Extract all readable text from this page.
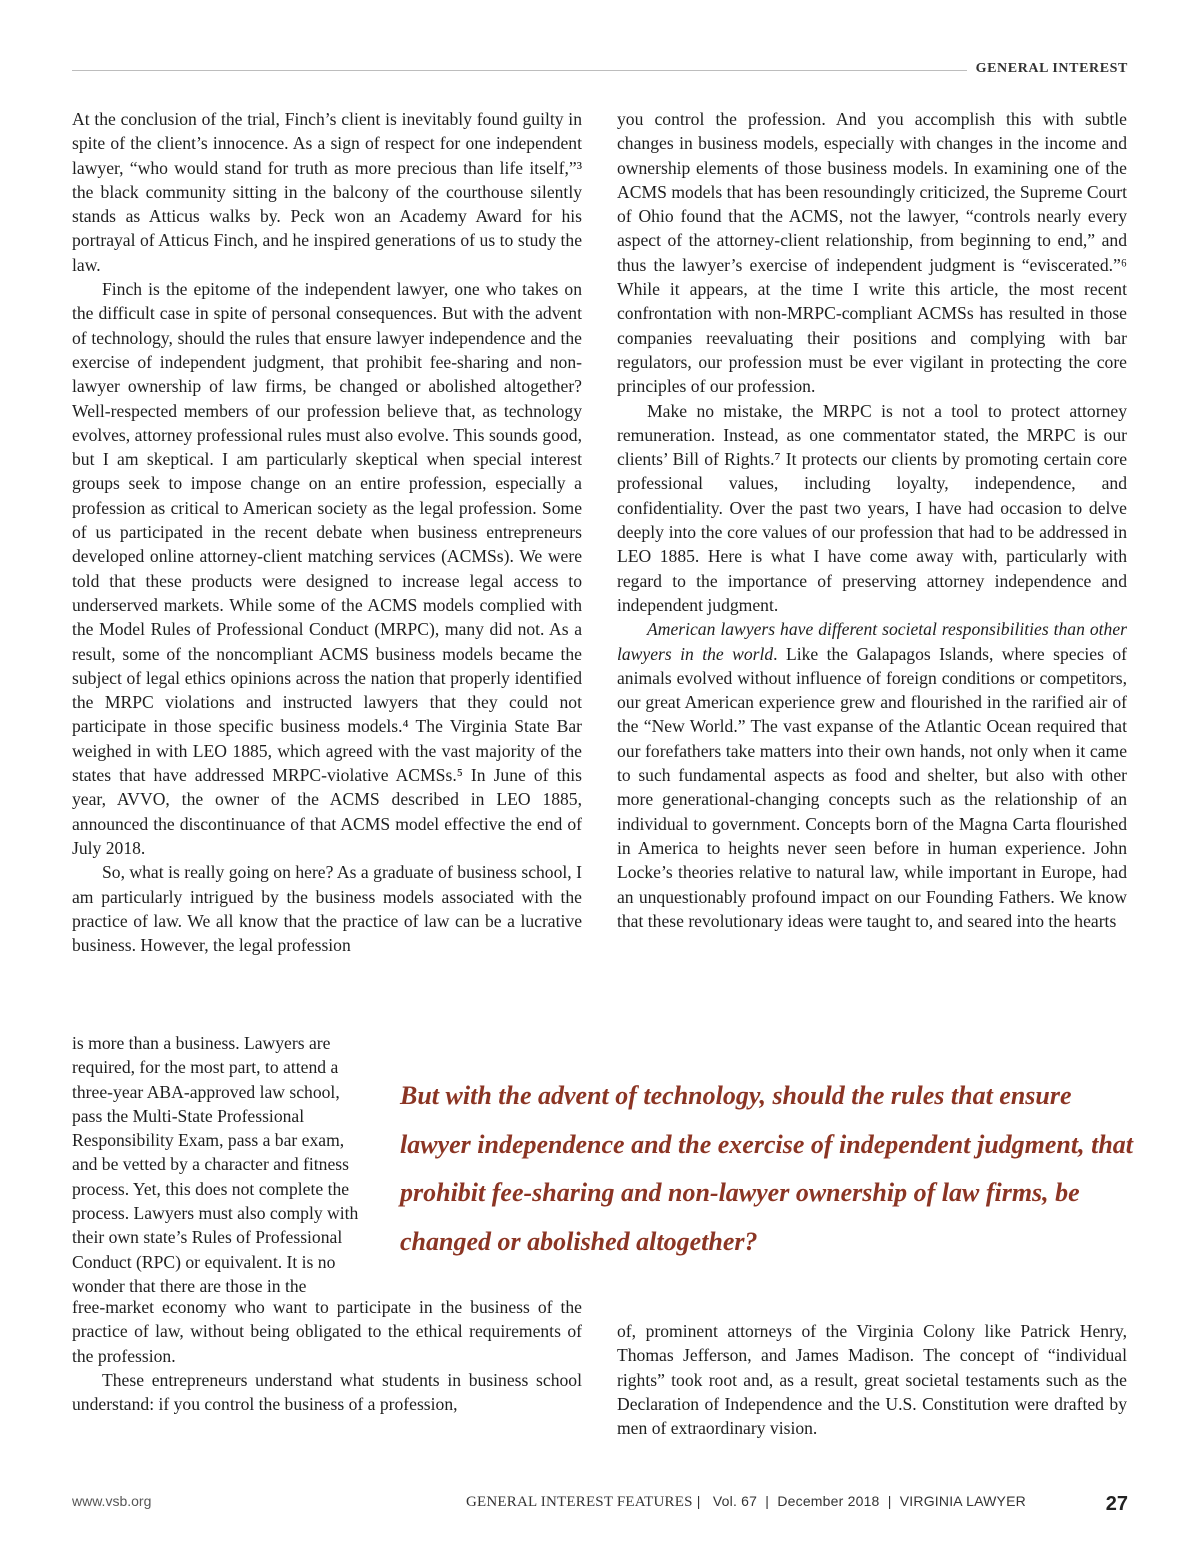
GENERAL INTEREST

At the conclusion of the trial, Finch’s client is inevitably found guilty in spite of the client’s innocence. As a sign of respect for one independent lawyer, “who would stand for truth as more precious than life itself,”³ the black community sitting in the balcony of the courthouse silently stands as Atticus walks by. Peck won an Academy Award for his portrayal of Atticus Finch, and he inspired generations of us to study the law.

Finch is the epitome of the independent lawyer, one who takes on the difficult case in spite of personal consequences. But with the advent of technology, should the rules that ensure lawyer independence and the exercise of independent judgment, that prohibit fee-sharing and non-lawyer ownership of law firms, be changed or abolished altogether? Well-respected members of our profession believe that, as technology evolves, attorney professional rules must also evolve. This sounds good, but I am skeptical. I am particularly skeptical when special interest groups seek to impose change on an entire profession, especially a profession as critical to American society as the legal profession. Some of us participated in the recent debate when business entrepreneurs developed online attorney-client matching services (ACMSs). We were told that these products were designed to increase legal access to underserved markets. While some of the ACMS models complied with the Model Rules of Professional Conduct (MRPC), many did not. As a result, some of the noncompliant ACMS business models became the subject of legal ethics opinions across the nation that properly identified the MRPC violations and instructed lawyers that they could not participate in those specific business models.⁴ The Virginia State Bar weighed in with LEO 1885, which agreed with the vast majority of the states that have addressed MRPC-violative ACMSs.⁵ In June of this year, AVVO, the owner of the ACMS described in LEO 1885, announced the discontinuance of that ACMS model effective the end of July 2018.

So, what is really going on here? As a graduate of business school, I am particularly intrigued by the business models associated with the practice of law. We all know that the practice of law can be a lucrative business. However, the legal profession

is more than a business. Lawyers are required, for the most part, to attend a three-year ABA-approved law school, pass the Multi-State Professional Responsibility Exam, pass a bar exam, and be vetted by a character and fitness process. Yet, this does not complete the process. Lawyers must also comply with their own state’s Rules of Professional Conduct (RPC) or equivalent. It is no wonder that there are those in the

free-market economy who want to participate in the business of the practice of law, without being obligated to the ethical requirements of the profession.

These entrepreneurs understand what students in business school understand: if you control the business of a profession,

you control the profession. And you accomplish this with subtle changes in business models, especially with changes in the income and ownership elements of those business models. In examining one of the ACMS models that has been resoundingly criticized, the Supreme Court of Ohio found that the ACMS, not the lawyer, “controls nearly every aspect of the attorney-client relationship, from beginning to end,” and thus the lawyer’s exercise of independent judgment is “eviscerated.”⁶ While it appears, at the time I write this article, the most recent confrontation with non-MRPC-compliant ACMSs has resulted in those companies reevaluating their positions and complying with bar regulators, our profession must be ever vigilant in protecting the core principles of our profession.

Make no mistake, the MRPC is not a tool to protect attorney remuneration. Instead, as one commentator stated, the MRPC is our clients’ Bill of Rights.⁷ It protects our clients by promoting certain core professional values, including loyalty, independence, and confidentiality. Over the past two years, I have had occasion to delve deeply into the core values of our profession that had to be addressed in LEO 1885. Here is what I have come away with, particularly with regard to the importance of preserving attorney independence and independent judgment.

American lawyers have different societal responsibilities than other lawyers in the world. Like the Galapagos Islands, where species of animals evolved without influence of foreign conditions or competitors, our great American experience grew and flourished in the rarified air of the “New World.” The vast expanse of the Atlantic Ocean required that our forefathers take matters into their own hands, not only when it came to such fundamental aspects as food and shelter, but also with other more generational-changing concepts such as the relationship of an individual to government. Concepts born of the Magna Carta flourished in America to heights never seen before in human experience. John Locke’s theories relative to natural law, while important in Europe, had an unquestionably profound impact on our Founding Fathers. We know that these revolutionary ideas were taught to, and seared into the hearts

of, prominent attorneys of the Virginia Colony like Patrick Henry, Thomas Jefferson, and James Madison. The concept of “individual rights” took root and, as a result, great societal testaments such as the Declaration of Independence and the U.S. Constitution were drafted by men of extraordinary vision.

But with the advent of technology, should the rules that ensure lawyer independence and the exercise of independent judgment, that prohibit fee-sharing and non-lawyer ownership of law firms, be changed or abolished altogether?
www.vsb.org	GENERAL INTEREST FEATURES | Vol. 67 | December 2018 | VIRGINIA LAWYER	27
